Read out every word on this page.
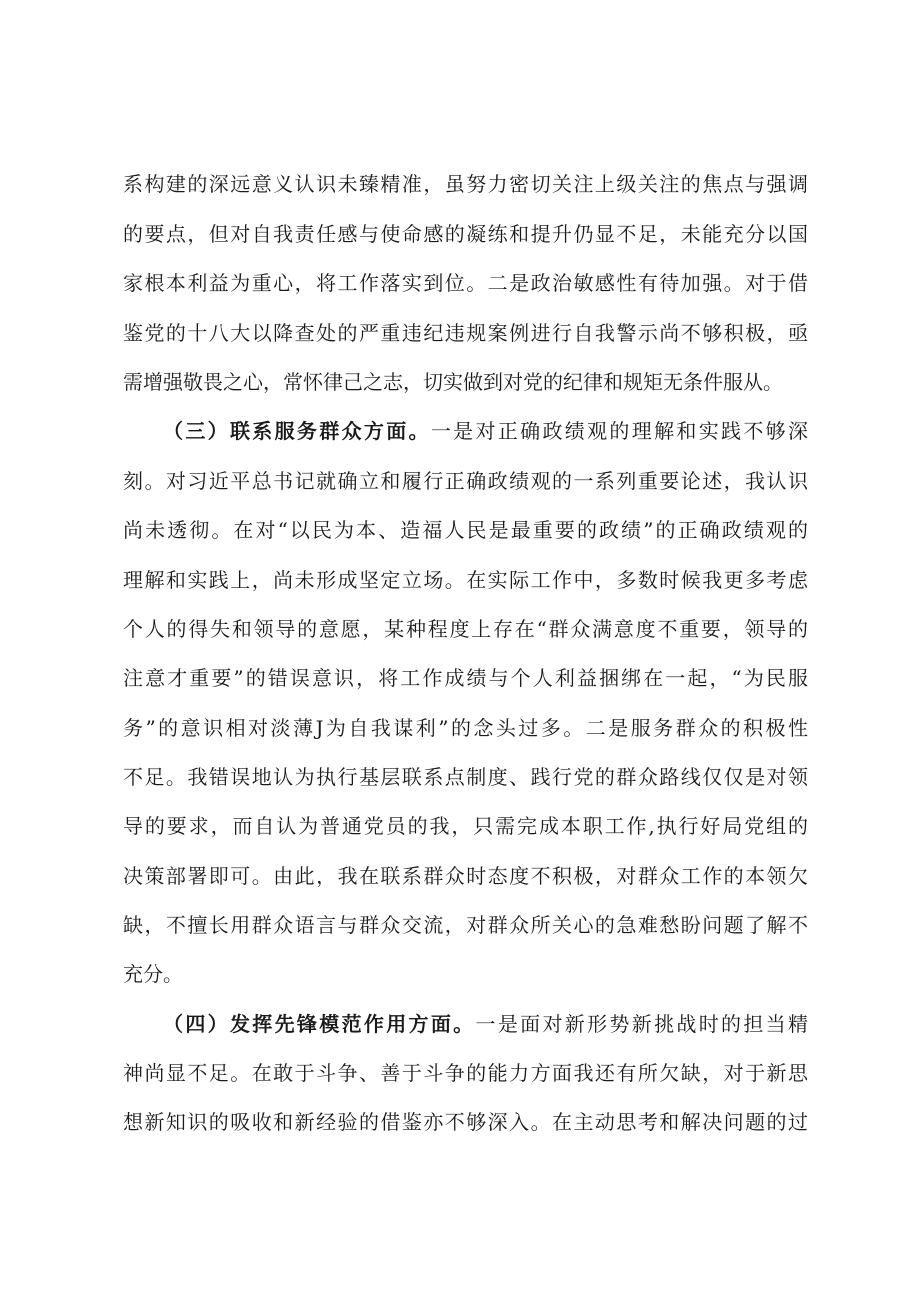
系构建的深远意义认识未臻精准，虽努力密切关注上级关注的焦点与强调
的要点，但对自我责任感与使命感的凝练和提升仍显不足，未能充分以国
家根本利益为重心，将工作落实到位。二是政治敏感性有待加强。对于借
鉴党的十八大以降查处的严重违纪违规案例进行自我警示尚不够积极，亟
需增强敬畏之心，常怀律己之志，切实做到对党的纪律和规矩无条件服从。
（三）联系服务群众方面。一是对正确政绩观的理解和实践不够深
刻。对习近平总书记就确立和履行正确政绩观的一系列重要论述，我认识
尚未透彻。在对“以民为本、造福人民是最重要的政绩”的正确政绩观的
理解和实践上，尚未形成坚定立场。在实际工作中，多数时候我更多考虑
个人的得失和领导的意愿，某种程度上存在“群众满意度不重要，领导的
注意才重要”的错误意识，将工作成绩与个人利益捆绑在一起，“为民服
务”的意识相对淡薄J为自我谋利”的念头过多。二是服务群众的积极性
不足。我错误地认为执行基层联系点制度、践行党的群众路线仅仅是对领
导的要求，而自认为普通党员的我，只需完成本职工作,执行好局党组的
决策部署即可。由此，我在联系群众时态度不积极，对群众工作的本领欠
缺，不擅长用群众语言与群众交流，对群众所关心的急难愁盼问题了解不
充分。
（四）发挥先锋模范作用方面。一是面对新形势新挑战时的担当精
神尚显不足。在敢于斗争、善于斗争的能力方面我还有所欠缺，对于新思
想新知识的吸收和新经验的借鉴亦不够深入。在主动思考和解决问题的过
